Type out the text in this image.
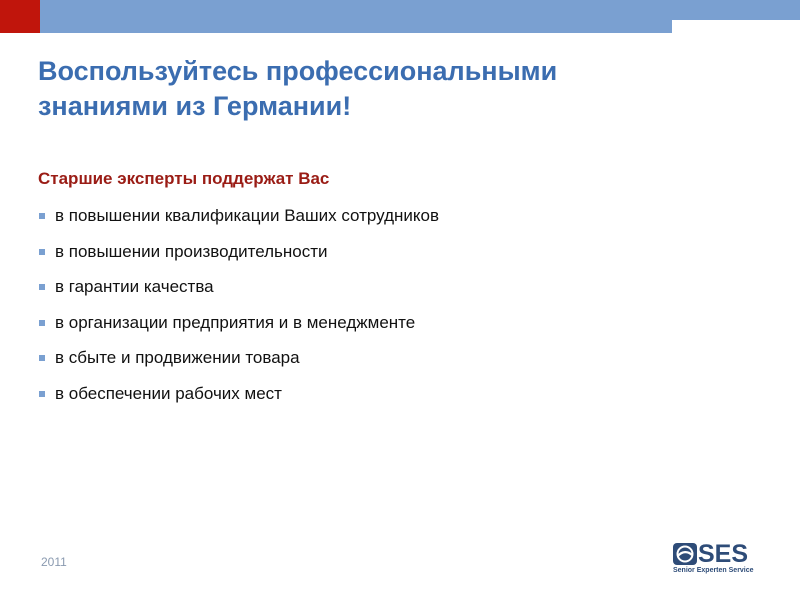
Воспользуйтесь профессиональными
знаниями из Германии!

Старшие эксперты поддержат Вас

в повышении квалификации Ваших сотрудников
в повышении производительности
в гарантии качества
в организации предприятия и в менеджменте
в сбыте и продвижении товара
в обеспечении рабочих мест
2011	SES
Senior Experten Service
